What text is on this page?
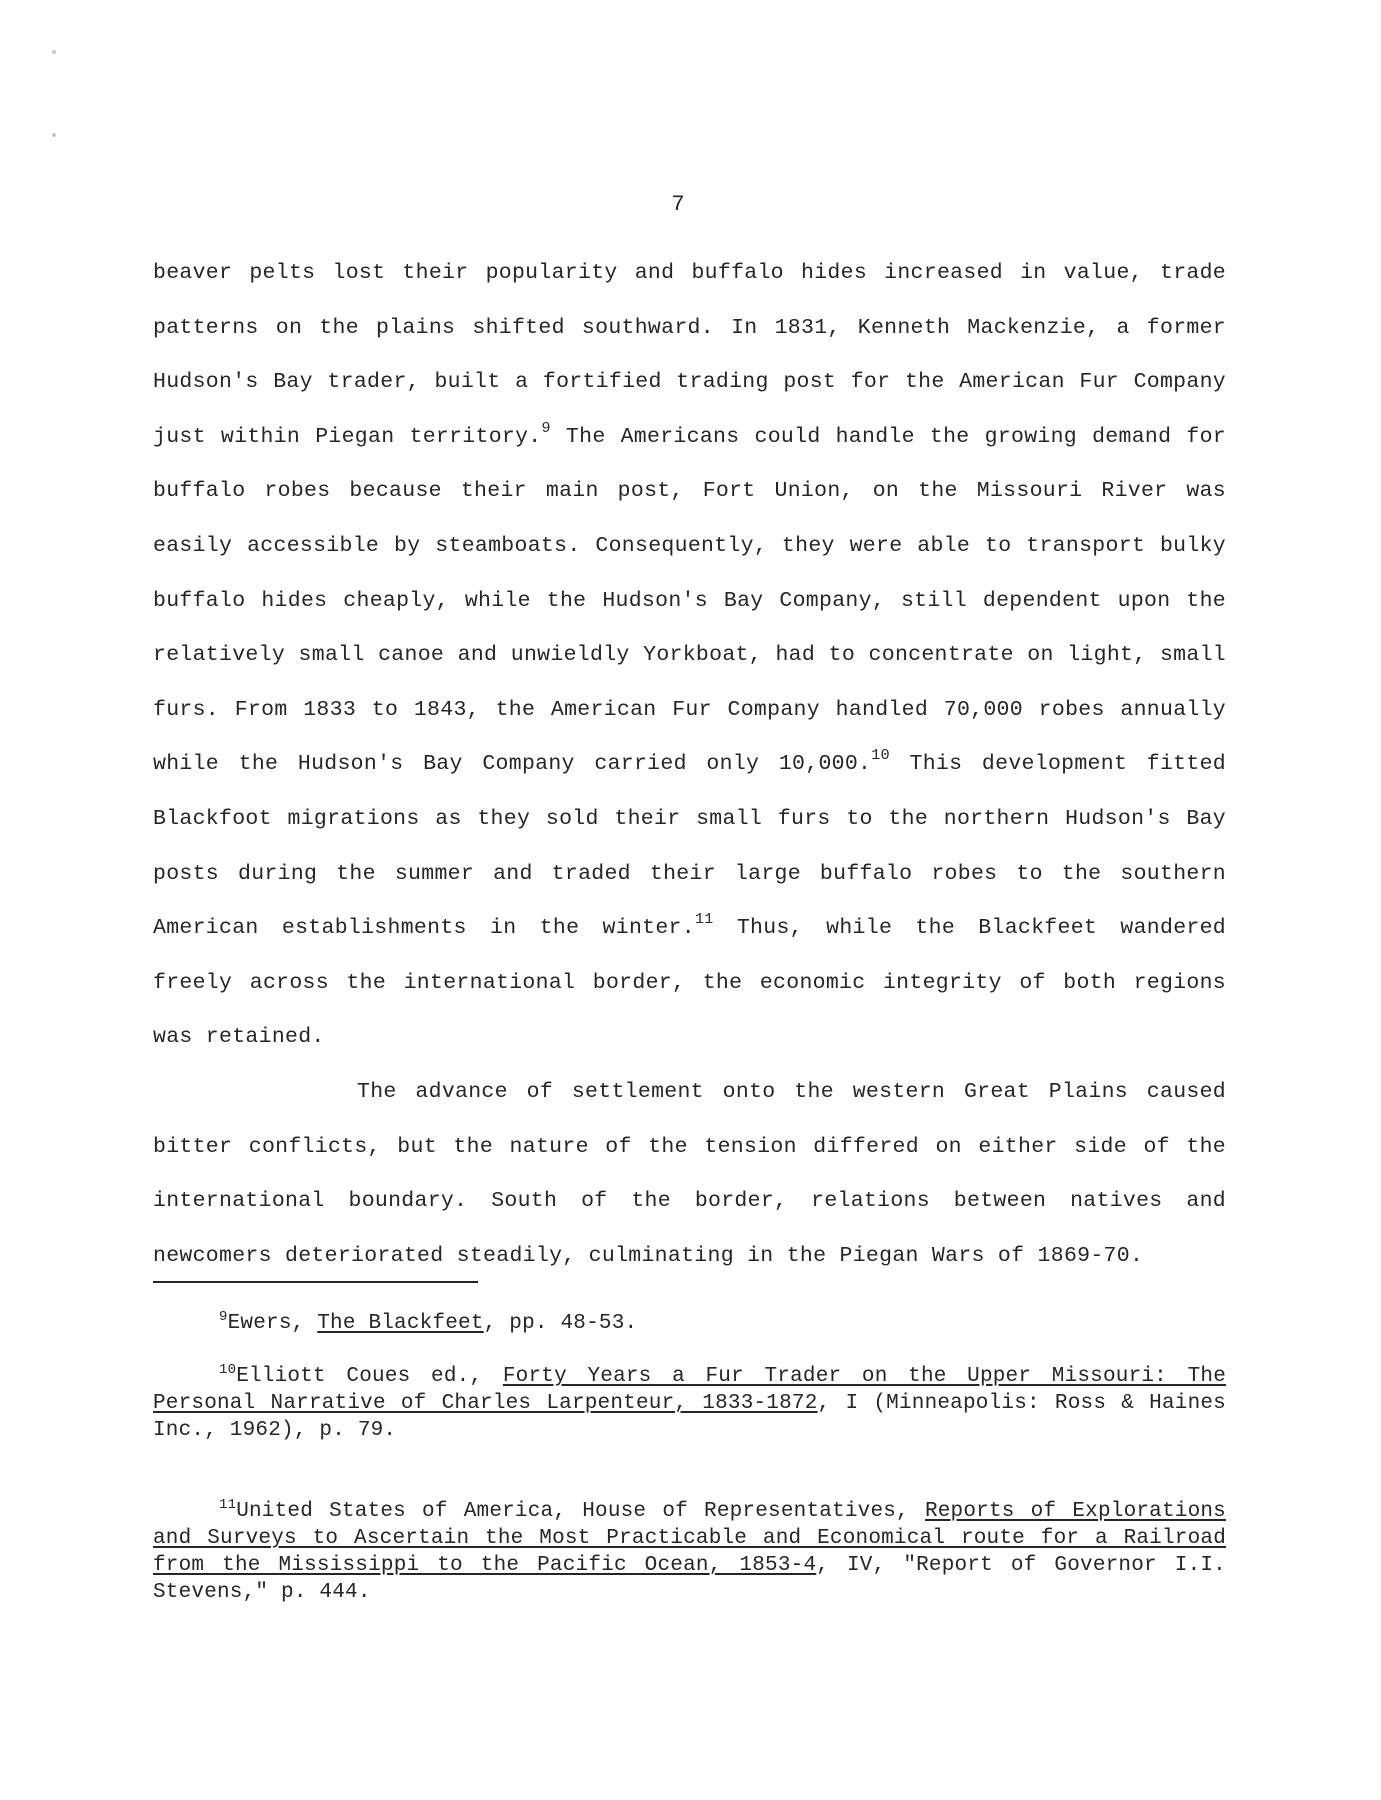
7

beaver pelts lost their popularity and buffalo hides increased in value, trade patterns on the plains shifted southward. In 1831, Kenneth Mackenzie, a former Hudson's Bay trader, built a fortified trading post for the American Fur Company just within Piegan territory.$^9$ The Americans could handle the growing demand for buffalo robes because their main post, Fort Union, on the Missouri River was easily accessible by steamboats. Consequently, they were able to transport bulky buffalo hides cheaply, while the Hudson's Bay Company, still dependent upon the relatively small canoe and unwieldly Yorkboat, had to concentrate on light, small furs. From 1833 to 1843, the American Fur Company handled 70,000 robes annually while the Hudson's Bay Company carried only 10,000.10 This development fitted Blackfoot migrations as they sold their small furs to the northern Hudson's Bay posts during the summer and traded their large buffalo robes to the southern American establishments in the winter.$^{11}$ Thus, while the Blackfeet wandered freely across the international border, the economic integrity of both regions was retained.

The advance of settlement onto the western Great Plains caused bitter conflicts, but the nature of the tension differed on either side of the international boundary. South of the border, relations between natives and newcomers deteriorated steadily, culminating in the Piegan Wars of 1869-70.

$^9$Ewers, The Blackfeet, pp. 48-53.

$^{10}$Elliott Coues ed., Forty Years a Fur Trader on the Upper Missouri: The Personal Narrative of Charles Larpenteur, 1833-1872, I (Minneapolis: Ross & Haines Inc., 1962), p. 79.

$^{11}$United States of America, House of Representatives, Reports of Explorations and Surveys to Ascertain the Most Practicable and Economical route for a Railroad from the Mississippi to the Pacific Ocean, 1853-4, IV, "Report of Governor I.I. Stevens," p. 444.
